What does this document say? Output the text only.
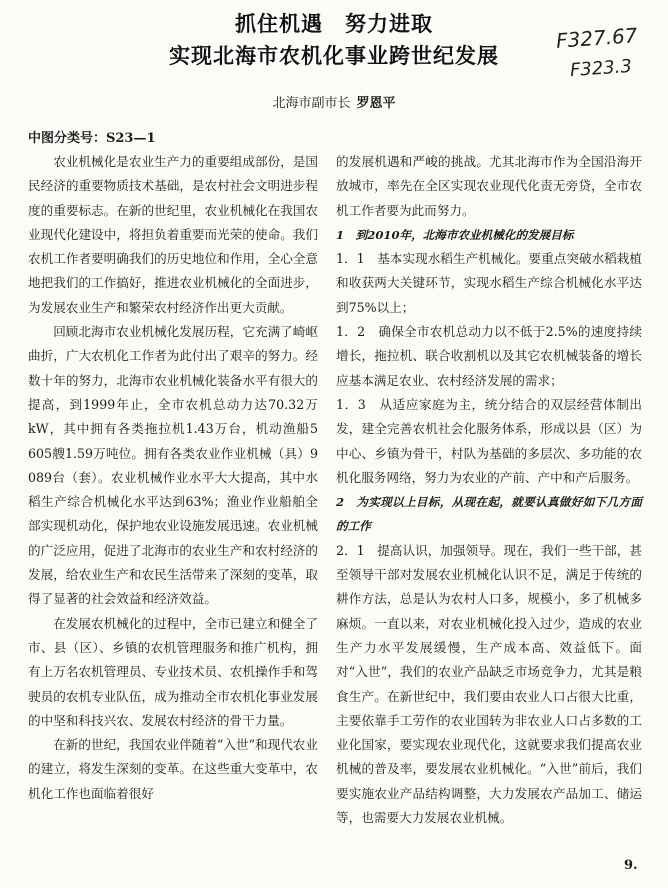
抓住机遇　努力进取
实现北海市农机化事业跨世纪发展
F327.67
F323.3
北海市副市长 罗恩平
中图分类号：S23—1

农业机械化是农业生产力的重要组成部份，是国民经济的重要物质技术基础，是农村社会文明进步程度的重要标志。在新的世纪里，农业机械化在我国农业现代化建设中，将担负着重要而光荣的使命。我们农机工作者要明确我们的历史地位和作用，全心全意地把我们的工作搞好，推进农业机械化的全面进步，为发展农业生产和繁荣农村经济作出更大贡献。

回顾北海市农业机械化发展历程，它充满了崎岖曲折，广大农机化工作者为此付出了艰辛的努力。经数十年的努力，北海市农业机械化装备水平有很大的提高，到1999年止，全市农机总动力达70.32万kW，其中拥有各类拖拉机1.43万台，机动渔船5 605艘1.59万吨位。拥有各类农业作业机械（具）9 089台（套）。农业机械作业水平大大提高，其中水稻生产综合机械化水平达到63%；渔业作业船舶全部实现机动化，保护地农业设施发展迅速。农业机械的广泛应用，促进了北海市的农业生产和农村经济的发展，给农业生产和农民生活带来了深刻的变革，取得了显著的社会效益和经济效益。

在发展农机械化的过程中，全市已建立和健全了市、县（区）、乡镇的农机管理服务和推广机构，拥有上万名农机管理员、专业技术员、农机操作手和驾驶员的农机专业队伍，成为推动全市农机化事业发展的中坚和科技兴农、发展农村经济的骨干力量。

在新的世纪，我国农业伴随着“入世”和现代农业的建立，将发生深刻的变革。在这些重大变革中，农机化工作也面临着很好

的发展机遇和严峻的挑战。尤其北海市作为全国沿海开放城市，率先在全区实现农业现代化责无旁贷，全市农机工作者要为此而努力。

1　到2010年，北海市农业机械化的发展目标

1．1　基本实现水稻生产机械化。要重点突破水稻栽植和收获两大关键环节，实现水稻生产综合机械化水平达到75%以上；

1．2　确保全市农机总动力以不低于2.5%的速度持续增长，拖拉机、联合收割机以及其它农机械装备的增长应基本满足农业、农村经济发展的需求；

1．3　从适应家庭为主，统分结合的双层经营体制出发，建全完善农机社会化服务体系，形成以县（区）为中心、乡镇为骨干，村队为基础的多层次、多功能的农机化服务网络，努力为农业的产前、产中和产后服务。

2　为实现以上目标，从现在起，就要认真做好如下几方面的工作

2．1　提高认识，加强领导。现在，我们一些干部，甚至领导干部对发展农业机械化认识不足，满足于传统的耕作方法，总是认为农村人口多，规模小，多了机械多麻烦。一直以来，对农业机械化投入过少，造成的农业生产力水平发展缓慢，生产成本高、效益低下。面对“入世”，我们的农业产品缺乏市场竞争力，尤其是粮食生产。在新世纪中，我们要由农业人口占很大比重，主要依靠手工劳作的农业国转为非农业人口占多数的工业化国家，要实现农业现代化，这就要求我们提高农业机械的普及率，要发展农业机械化。“入世”前后，我们要实施农业产品结构调整，大力发展农产品加工、储运等，也需要大力发展农业机械。

9.
